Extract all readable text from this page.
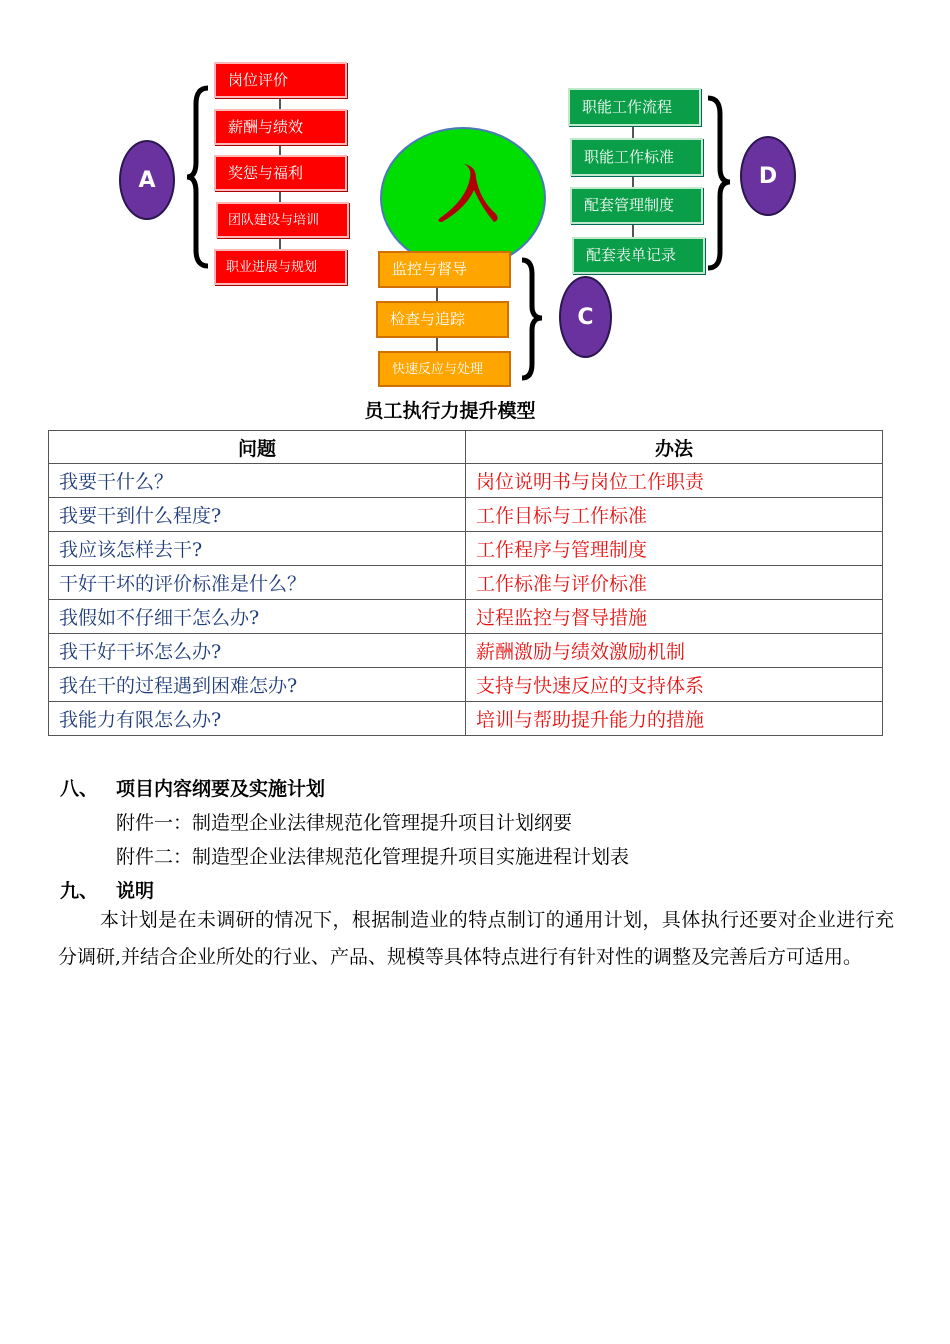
岗位评价
薪酬与绩效
奖惩与福利
团队建设与培训
职业进展与规划
A
监控与督导
检查与追踪
快速反应与处理
C
职能工作流程
职能工作标准
配套管理制度
配套表单记录
D
员工执行力提升模型
问题	办法
我要干什么？	岗位说明书与岗位工作职责
我要干到什么程度?	工作目标与工作标准
我应该怎样去干?	工作程序与管理制度
干好干坏的评价标准是什么？	工作标准与评价标准
我假如不仔细干怎么办?	过程监控与督导措施
我干好干坏怎么办?	薪酬激励与绩效激励机制
我在干的过程遇到困难怎办?	支持与快速反应的支持体系
我能力有限怎么办?	培训与帮助提升能力的措施
八、 项目内容纲要及实施计划
附件一：制造型企业法律规范化管理提升项目计划纲要
附件二：制造型企业法律规范化管理提升项目实施进程计划表
九、 说明
本计划是在未调研的情况下，根据制造业的特点制订的通用计划，具体执行还要对企业进行充分调研,并结合企业所处的行业、产品、规模等具体特点进行有针对性的调整及完善后方可适用。
